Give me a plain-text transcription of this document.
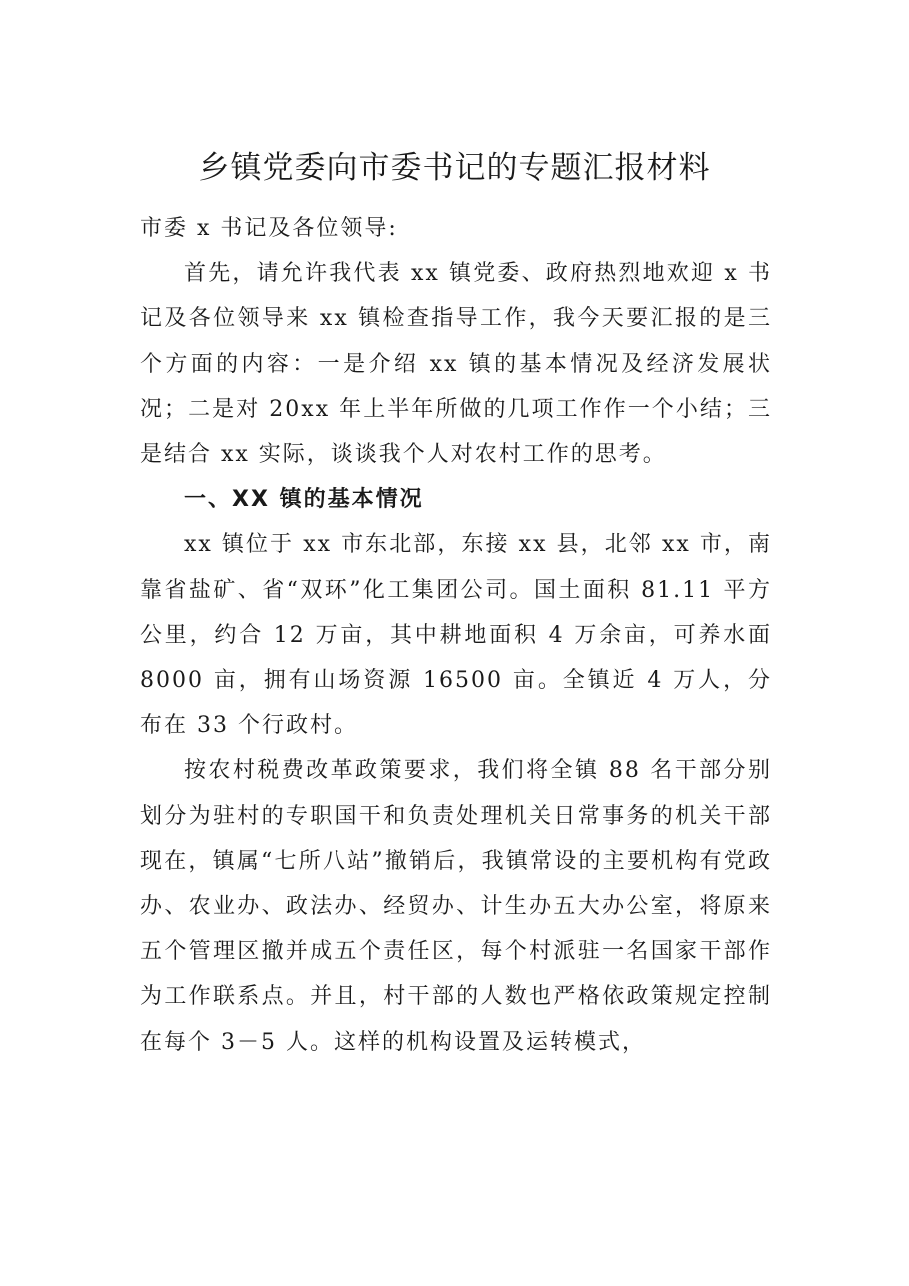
乡镇党委向市委书记的专题汇报材料

市委 x 书记及各位领导:

首先，请允许我代表 xx 镇党委、政府热烈地欢迎 x 书记及各位领导来 xx 镇检查指导工作，我今天要汇报的是三个方面的内容：一是介绍 xx 镇的基本情况及经济发展状况；二是对 20xx 年上半年所做的几项工作作一个小结；三是结合 xx 实际，谈谈我个人对农村工作的思考。

一、XX 镇的基本情况

xx 镇位于 xx 市东北部，东接 xx 县，北邻 xx 市，南靠省盐矿、省“双环”化工集团公司。国土面积 81.11 平方公里，约合 12 万亩，其中耕地面积 4 万余亩，可养水面 8000 亩，拥有山场资源 16500 亩。全镇近 4 万人，分布在 33 个行政村。

按农村税费改革政策要求，我们将全镇 88 名干部分别划分为驻村的专职国干和负责处理机关日常事务的机关干部现在，镇属“七所八站”撤销后，我镇常设的主要机构有党政办、农业办、政法办、经贸办、计生办五大办公室，将原来五个管理区撤并成五个责任区，每个村派驻一名国家干部作为工作联系点。并且，村干部的人数也严格依政策规定控制在每个 3－5 人。这样的机构设置及运转模式，
